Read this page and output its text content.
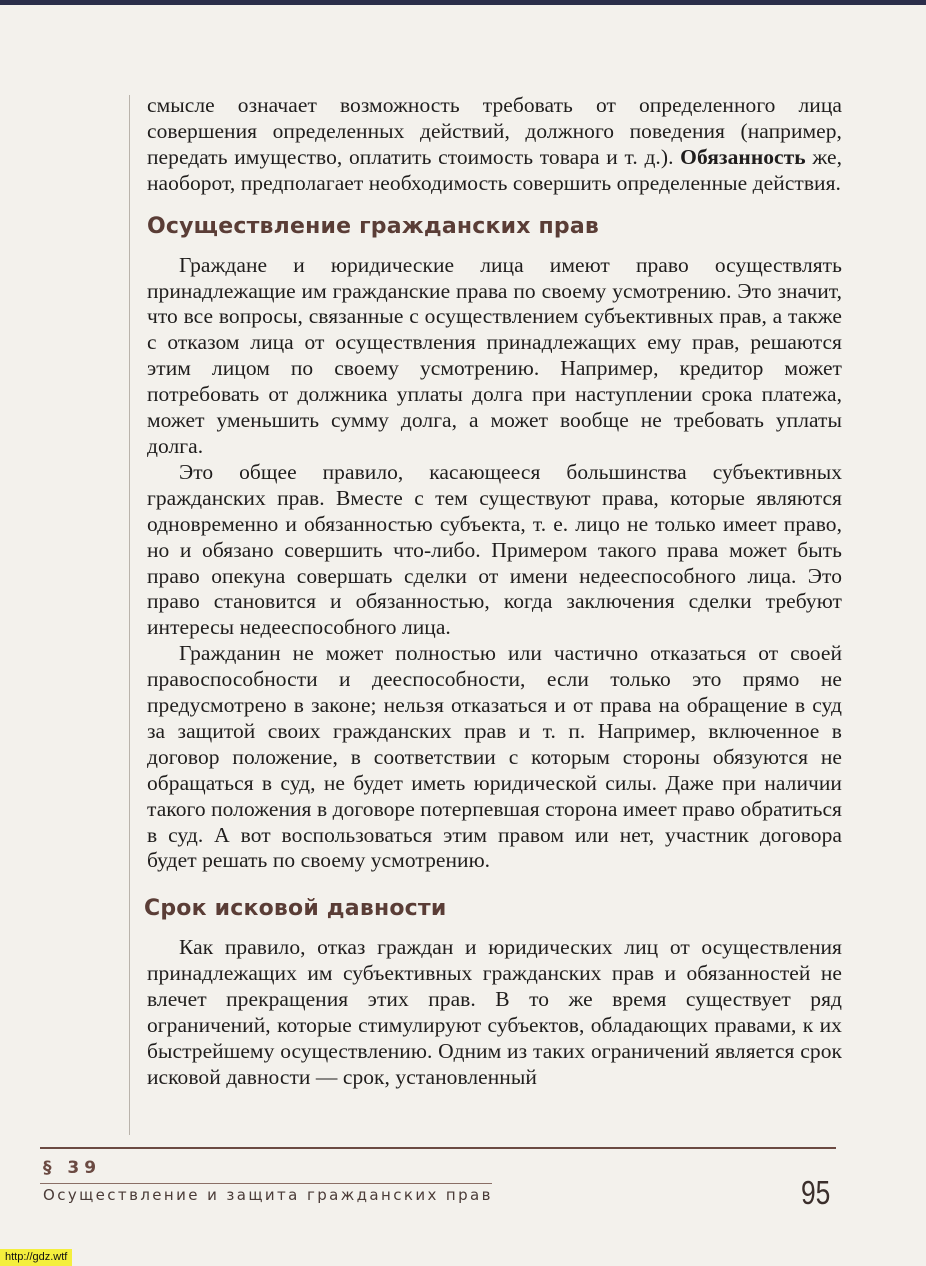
смысле означает возможность требовать от определенного лица совершения определенных действий, должного поведения (например, передать имущество, оплатить стоимость товара и т. д.). Обязанность же, наоборот, предполагает необходимость совершить определенные действия.

Осуществление гражданских прав

Граждане и юридические лица имеют право осуществлять принадлежащие им гражданские права по своему усмотрению. Это значит, что все вопросы, связанные с осуществлением субъективных прав, а также с отказом лица от осуществления принадлежащих ему прав, решаются этим лицом по своему усмотрению. Например, кредитор может потребовать от должника уплаты долга при наступлении срока платежа, может уменьшить сумму долга, а может вообще не требовать уплаты долга.

Это общее правило, касающееся большинства субъективных гражданских прав. Вместе с тем существуют права, которые являются одновременно и обязанностью субъекта, т. е. лицо не только имеет право, но и обязано совершить что-либо. Примером такого права может быть право опекуна совершать сделки от имени недееспособного лица. Это право становится и обязанностью, когда заключения сделки требуют интересы недееспособного лица.

Гражданин не может полностью или частично отказаться от своей правоспособности и дееспособности, если только это прямо не предусмотрено в законе; нельзя отказаться и от права на обращение в суд за защитой своих гражданских прав и т. п. Например, включенное в договор положение, в соответствии с которым стороны обязуются не обращаться в суд, не будет иметь юридической силы. Даже при наличии такого положения в договоре потерпевшая сторона имеет право обратиться в суд. А вот воспользоваться этим правом или нет, участник договора будет решать по своему усмотрению.

Срок исковой давности

Как правило, отказ граждан и юридических лиц от осуществления принадлежащих им субъективных гражданских прав и обязанностей не влечет прекращения этих прав. В то же время существует ряд ограничений, которые стимулируют субъектов, обладающих правами, к их быстрейшему осуществлению. Одним из таких ограничений является срок исковой давности — срок, установленный

§ 39
Осуществление и защита гражданских прав	95
http://gdz.wtf
